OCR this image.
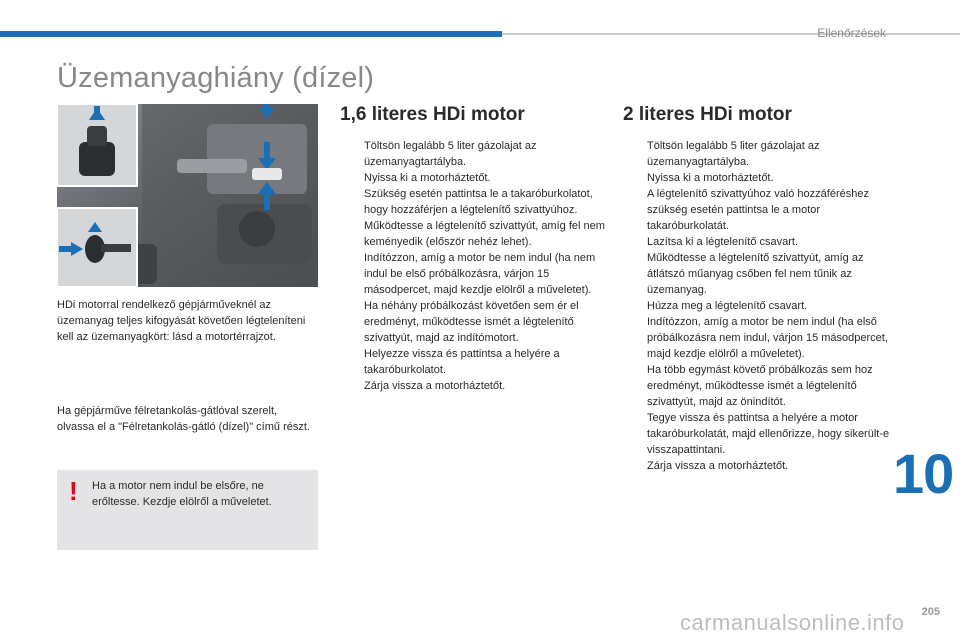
Ellenőrzések
Üzemanyaghiány (dízel)
HDi motorral rendelkező gépjárműveknél az üzemanyag teljes kifogyását követően légteleníteni kell az üzemanyagkört: lásd a motortérrajzot.
Ha gépjárműve félretankolás-gátlóval szerelt, olvassa el a "Félretankolás-gátló (dízel)" című részt.
! Ha a motor nem indul be elsőre, ne erőltesse. Kezdje elölről a műveletet.
1,6 literes HDi motor
Töltsön legalább 5 liter gázolajat az üzemanyagtartályba.
Nyissa ki a motorháztetőt.
Szükség esetén pattintsa le a takaróburkolatot, hogy hozzáférjen a légtelenítő szivattyúhoz.
Működtesse a légtelenítő szivattyút, amíg fel nem keményedik (először nehéz lehet).
Indítózzon, amíg a motor be nem indul (ha nem indul be első próbálkozásra, várjon 15 másodpercet, majd kezdje elölről a műveletet).
Ha néhány próbálkozást követően sem ér el eredményt, működtesse ismét a légtelenítő szivattyút, majd az indítómotort.
Helyezze vissza és pattintsa a helyére a takaróburkolatot.
Zárja vissza a motorháztetőt.
2 literes HDi motor
Töltsön legalább 5 liter gázolajat az üzemanyagtartályba.
Nyissa ki a motorháztetőt.
A légtelenítő szivattyúhoz való hozzáféréshez szükség esetén pattintsa le a motor takaróburkolatát.
Lazítsa ki a légtelenítő csavart.
Működtesse a légtelenítő szivattyút, amíg az átlátszó műanyag csőben fel nem tűnik az üzemanyag.
Húzza meg a légtelenítő csavart.
Indítózzon, amíg a motor be nem indul (ha első próbálkozásra nem indul, várjon 15 másodpercet, majd kezdje elölről a műveletet).
Ha több egymást követő próbálkozás sem hoz eredményt, működtesse ismét a légtelenítő szivattyút, majd az önindítót.
Tegye vissza és pattintsa a helyére a motor takaróburkolatát, majd ellenőrizze, hogy sikerült-e visszapattintani.
Zárja vissza a motorháztetőt.	10
205
carmanualsonline.info
